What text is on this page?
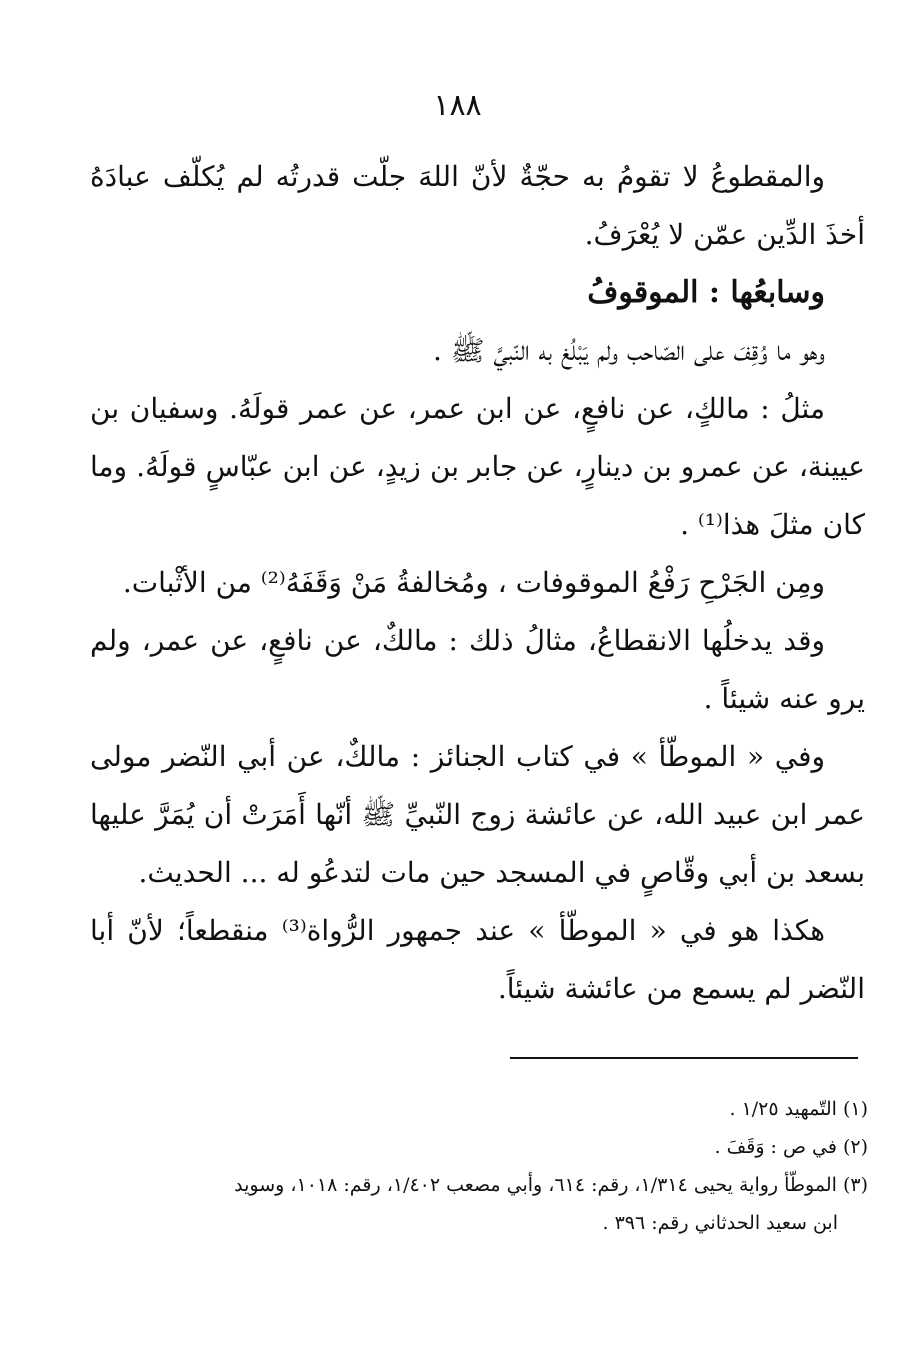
١٨٨

والمقطوعُ لا تقومُ به حجّةٌ لأنّ اللهَ جلّت قدرتُه لم يُكلّف عبادَهُ أخذَ الدِّين عمّن لا يُعْرَفُ.

وسابعُها : الموقوفُ

وهو ما وُقِفَ على الصّاحب ولم يَبْلُغ به النّبيَّ ﷺ .

مثلُ : مالكٍ، عن نافعٍ، عن ابن عمر، عن عمر قولَهُ. وسفيان بن عيينة، عن عمرو بن دينارٍ، عن جابر بن زيدٍ، عن ابن عبّاسٍ قولَهُ. وما كان مثلَ هذا⁽¹⁾ .

ومِن الجَرْحِ رَفْعُ الموقوفات ، ومُخالفةُ مَنْ وَقَفَهُ⁽²⁾ من الأثْبات.

وقد يدخلُها الانقطاعُ، مثالُ ذلك : مالكٌ، عن نافعٍ، عن عمر، ولم يرو عنه شيئاً .

وفي « الموطّأ » في كتاب الجنائز : مالكٌ، عن أبي النّضر مولى عمر ابن عبيد الله، عن عائشة زوج النّبيِّ ﷺ أنّها أَمَرَتْ أن يُمَرَّ عليها بسعد بن أبي وقّاصٍ في المسجد حين مات لتدعُو له ... الحديث.

هكذا هو في « الموطّأ » عند جمهور الرُّواة⁽³⁾ منقطعاً؛ لأنّ أبا النّضر لم يسمع من عائشة شيئاً.

(١) التّمهيد ١/٢٥ .

(٢) في ص : وَقَفَ .

(٣) الموطّأ رواية يحيى ١/٣١٤، رقم: ٦١٤، وأبي مصعب ١/٤٠٢، رقم: ١٠١٨، وسويد

ابن سعيد الحدثاني رقم: ٣٩٦ .
